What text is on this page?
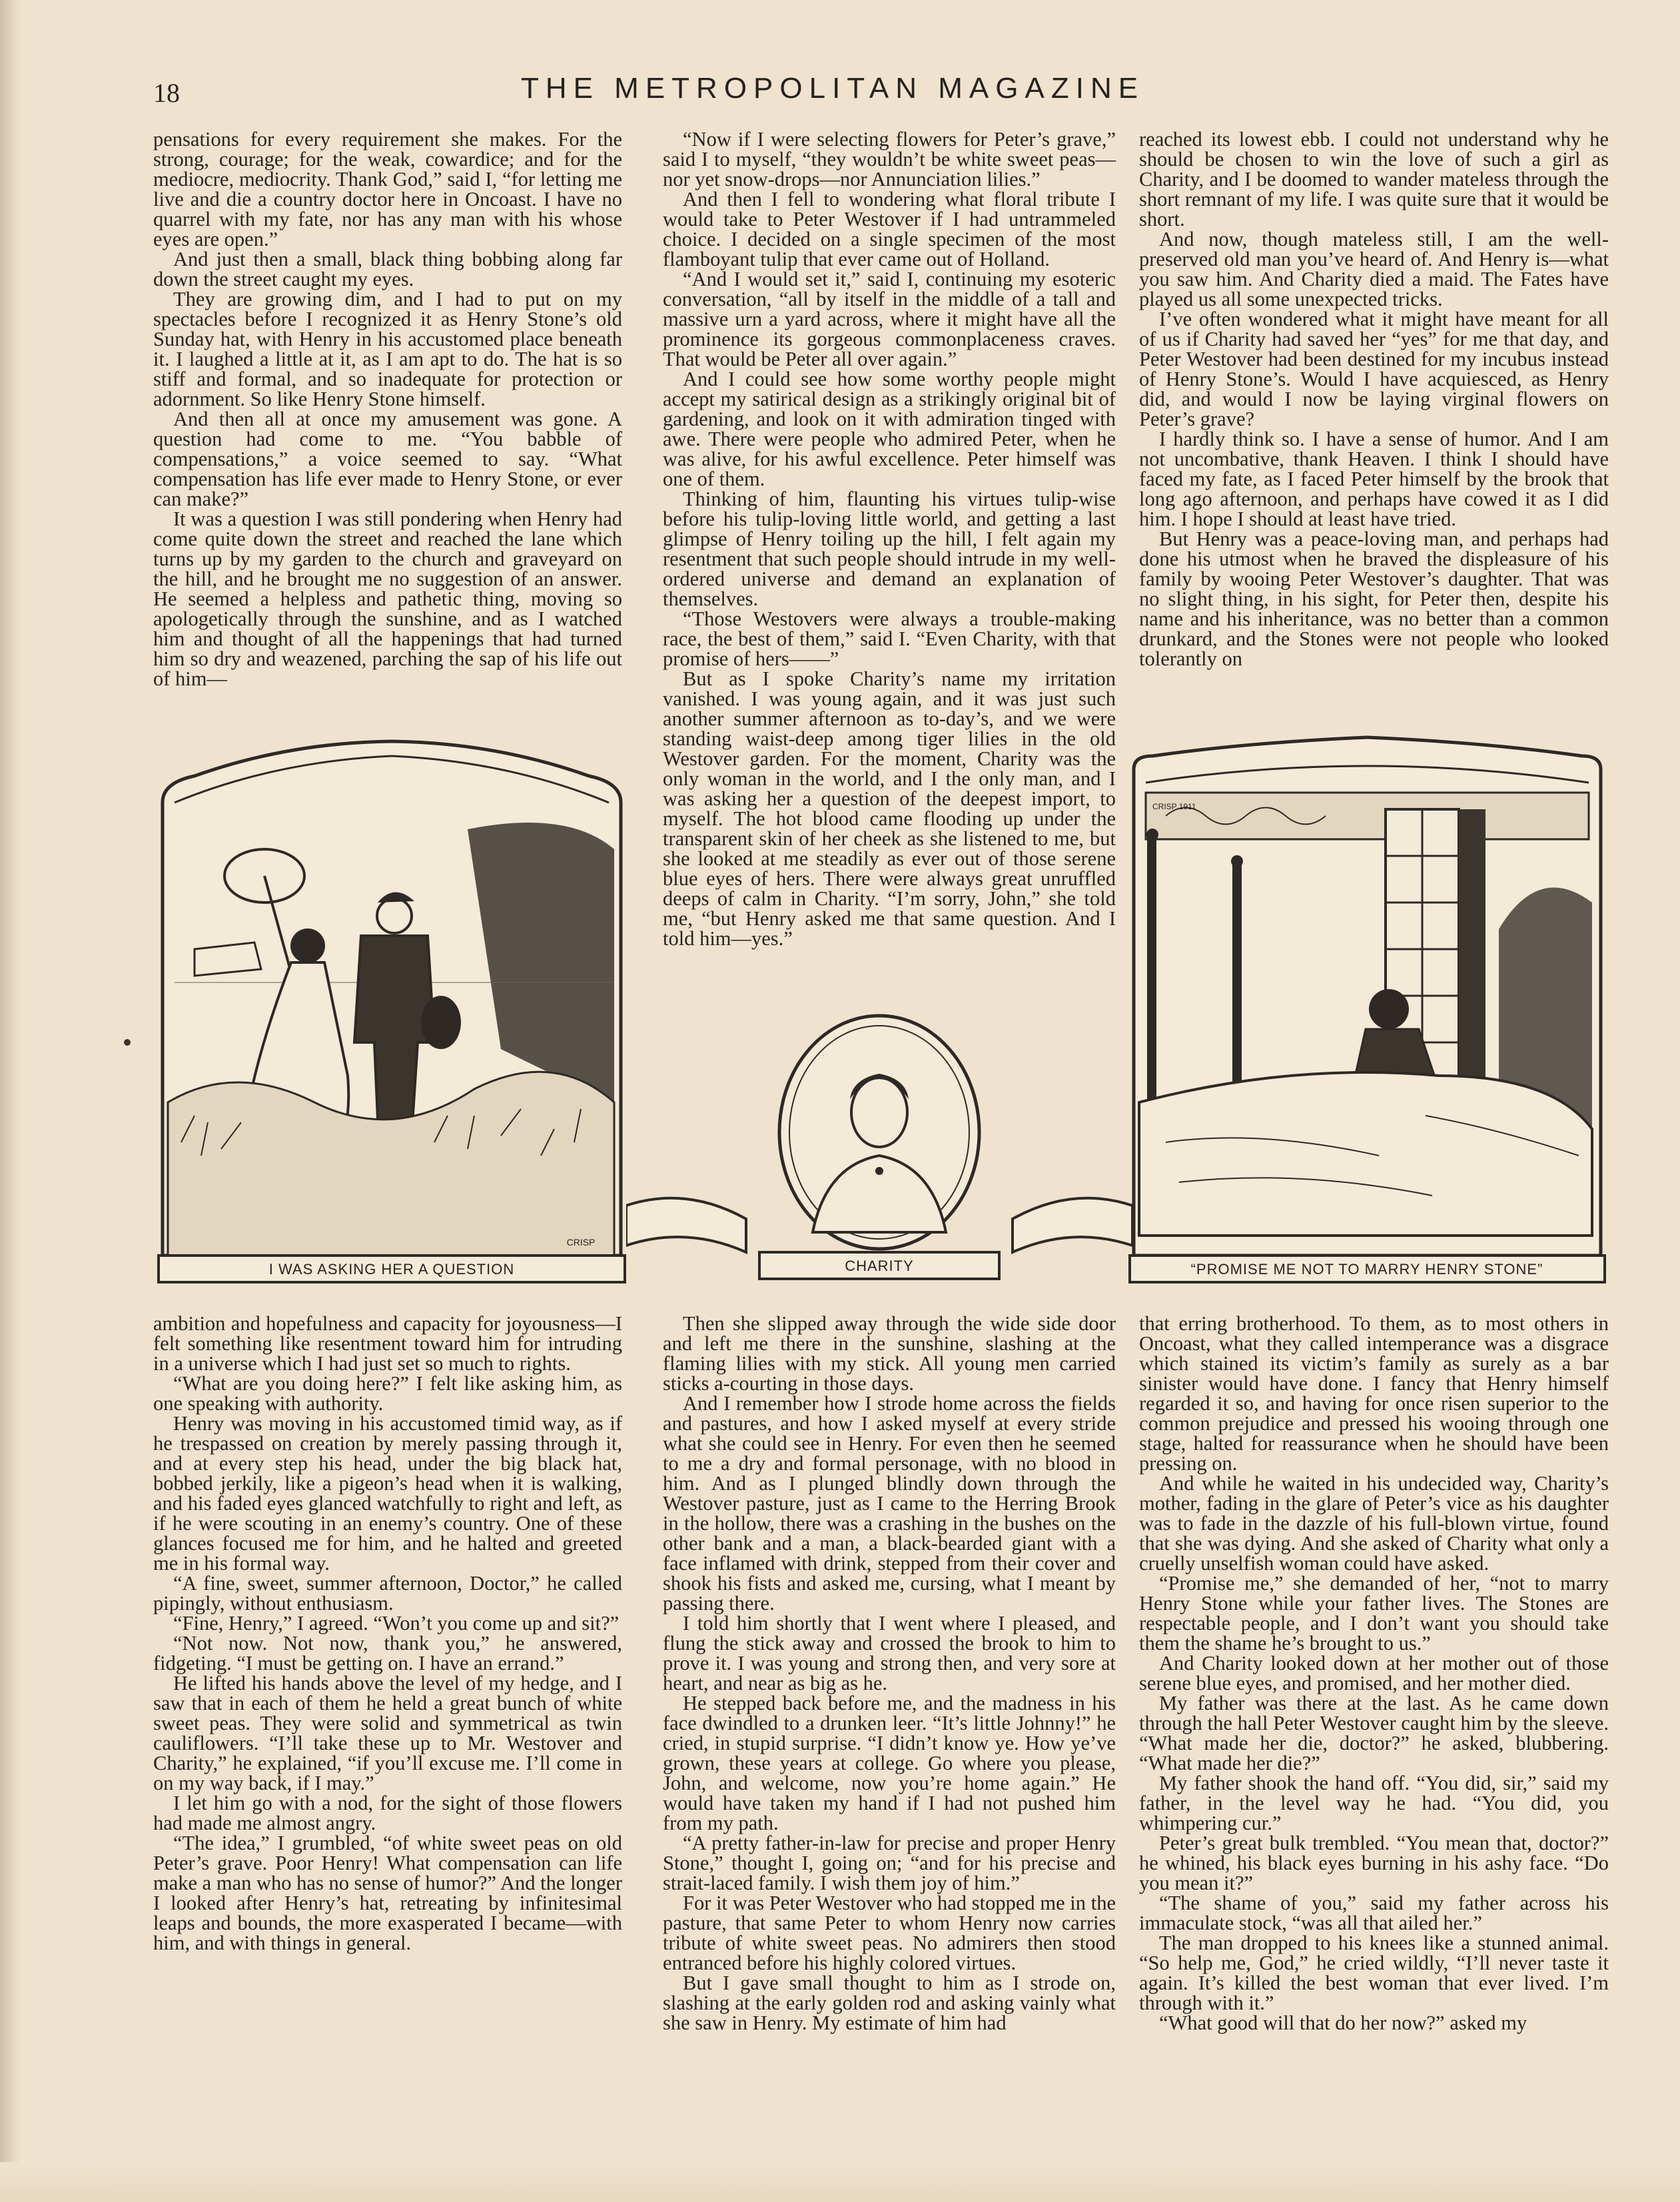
18	THE METROPOLITAN MAGAZINE

pensations for every requirement she makes. For the strong, courage; for the weak, cowardice; and for the mediocre, mediocrity. Thank God,” said I, “for letting me live and die a country doctor here in Oncoast. I have no quarrel with my fate, nor has any man with his whose eyes are open.”

And just then a small, black thing bobbing along far down the street caught my eyes.

They are growing dim, and I had to put on my spectacles before I recognized it as Henry Stone’s old Sunday hat, with Henry in his accustomed place beneath it. I laughed a little at it, as I am apt to do. The hat is so stiff and formal, and so inadequate for protection or adornment. So like Henry Stone himself.

And then all at once my amusement was gone. A question had come to me. “You babble of compensations,” a voice seemed to say. “What compensation has life ever made to Henry Stone, or ever can make?”

It was a question I was still pondering when Henry had come quite down the street and reached the lane which turns up by my garden to the church and graveyard on the hill, and he brought me no suggestion of an answer. He seemed a helpless and pathetic thing, moving so apologetically through the sunshine, and as I watched him and thought of all the happenings that had turned him so dry and weazened, parching the sap of his life out of him—

“Now if I were selecting flowers for Peter’s grave,” said I to myself, “they wouldn’t be white sweet peas—nor yet snow-drops—nor Annunciation lilies.”

And then I fell to wondering what floral tribute I would take to Peter Westover if I had untrammeled choice. I decided on a single specimen of the most flamboyant tulip that ever came out of Holland.

“And I would set it,” said I, continuing my esoteric conversation, “all by itself in the middle of a tall and massive urn a yard across, where it might have all the prominence its gorgeous commonplaceness craves. That would be Peter all over again.”

And I could see how some worthy people might accept my satirical design as a strikingly original bit of gardening, and look on it with admiration tinged with awe. There were people who admired Peter, when he was alive, for his awful excellence. Peter himself was one of them.

Thinking of him, flaunting his virtues tulip-wise before his tulip-loving little world, and getting a last glimpse of Henry toiling up the hill, I felt again my resentment that such people should intrude in my well-ordered universe and demand an explanation of themselves.

“Those Westovers were always a trouble-making race, the best of them,” said I. “Even Charity, with that promise of hers——”

But as I spoke Charity’s name my irritation vanished. I was young again, and it was just such another summer afternoon as to-day’s, and we were standing waist-deep among tiger lilies in the old Westover garden. For the moment, Charity was the only woman in the world, and I the only man, and I was asking her a question of the deepest import, to myself. The hot blood came flooding up under the transparent skin of her cheek as she listened to me, but she looked at me steadily as ever out of those serene blue eyes of hers. There were always great unruffled deeps of calm in Charity. “I’m sorry, John,” she told me, “but Henry asked me that same question. And I told him—yes.”

reached its lowest ebb. I could not understand why he should be chosen to win the love of such a girl as Charity, and I be doomed to wander mateless through the short remnant of my life. I was quite sure that it would be short.

And now, though mateless still, I am the well-preserved old man you’ve heard of. And Henry is—what you saw him. And Charity died a maid. The Fates have played us all some unexpected tricks.

I’ve often wondered what it might have meant for all of us if Charity had saved her “yes” for me that day, and Peter Westover had been destined for my incubus instead of Henry Stone’s. Would I have acquiesced, as Henry did, and would I now be laying virginal flowers on Peter’s grave?

I hardly think so. I have a sense of humor. And I am not uncombative, thank Heaven. I think I should have faced my fate, as I faced Peter himself by the brook that long ago afternoon, and perhaps have cowed it as I did him. I hope I should at least have tried.

But Henry was a peace-loving man, and perhaps had done his utmost when he braved the displeasure of his family by wooing Peter Westover’s daughter. That was no slight thing, in his sight, for Peter then, despite his name and his inheritance, was no better than a common drunkard, and the Stones were not people who looked tolerantly on

I WAS ASKING HER A QUESTION
CRISP
CHARITY	“PROMISE ME NOT TO MARRY HENRY STONE”
CRISP 1911

ambition and hopefulness and capacity for joyousness—I felt something like resentment toward him for intruding in a universe which I had just set so much to rights.

“What are you doing here?” I felt like asking him, as one speaking with authority.

Henry was moving in his accustomed timid way, as if he trespassed on creation by merely passing through it, and at every step his head, under the big black hat, bobbed jerkily, like a pigeon’s head when it is walking, and his faded eyes glanced watchfully to right and left, as if he were scouting in an enemy’s country. One of these glances focused me for him, and he halted and greeted me in his formal way.

“A fine, sweet, summer afternoon, Doctor,” he called pipingly, without enthusiasm.

“Fine, Henry,” I agreed. “Won’t you come up and sit?”

“Not now. Not now, thank you,” he answered, fidgeting. “I must be getting on. I have an errand.”

He lifted his hands above the level of my hedge, and I saw that in each of them he held a great bunch of white sweet peas. They were solid and symmetrical as twin cauliflowers. “I’ll take these up to Mr. Westover and Charity,” he explained, “if you’ll excuse me. I’ll come in on my way back, if I may.”

I let him go with a nod, for the sight of those flowers had made me almost angry.

“The idea,” I grumbled, “of white sweet peas on old Peter’s grave. Poor Henry! What compensation can life make a man who has no sense of humor?” And the longer I looked after Henry’s hat, retreating by infinitesimal leaps and bounds, the more exasperated I became—with him, and with things in general.

Then she slipped away through the wide side door and left me there in the sunshine, slashing at the flaming lilies with my stick. All young men carried sticks a-courting in those days.

And I remember how I strode home across the fields and pastures, and how I asked myself at every stride what she could see in Henry. For even then he seemed to me a dry and formal personage, with no blood in him. And as I plunged blindly down through the Westover pasture, just as I came to the Herring Brook in the hollow, there was a crashing in the bushes on the other bank and a man, a black-bearded giant with a face inflamed with drink, stepped from their cover and shook his fists and asked me, cursing, what I meant by passing there.

I told him shortly that I went where I pleased, and flung the stick away and crossed the brook to him to prove it. I was young and strong then, and very sore at heart, and near as big as he.

He stepped back before me, and the madness in his face dwindled to a drunken leer. “It’s little Johnny!” he cried, in stupid surprise. “I didn’t know ye. How ye’ve grown, these years at college. Go where you please, John, and welcome, now you’re home again.” He would have taken my hand if I had not pushed him from my path.

“A pretty father-in-law for precise and proper Henry Stone,” thought I, going on; “and for his precise and strait-laced family. I wish them joy of him.”

For it was Peter Westover who had stopped me in the pasture, that same Peter to whom Henry now carries tribute of white sweet peas. No admirers then stood entranced before his highly colored virtues.

But I gave small thought to him as I strode on, slashing at the early golden rod and asking vainly what she saw in Henry. My estimate of him had

that erring brotherhood. To them, as to most others in Oncoast, what they called intemperance was a disgrace which stained its victim’s family as surely as a bar sinister would have done. I fancy that Henry himself regarded it so, and having for once risen superior to the common prejudice and pressed his wooing through one stage, halted for reassurance when he should have been pressing on.

And while he waited in his undecided way, Charity’s mother, fading in the glare of Peter’s vice as his daughter was to fade in the dazzle of his full-blown virtue, found that she was dying. And she asked of Charity what only a cruelly unselfish woman could have asked.

“Promise me,” she demanded of her, “not to marry Henry Stone while your father lives. The Stones are respectable people, and I don’t want you should take them the shame he’s brought to us.”

And Charity looked down at her mother out of those serene blue eyes, and promised, and her mother died.

My father was there at the last. As he came down through the hall Peter Westover caught him by the sleeve. “What made her die, doctor?” he asked, blubbering. “What made her die?”

My father shook the hand off. “You did, sir,” said my father, in the level way he had. “You did, you whimpering cur.”

Peter’s great bulk trembled. “You mean that, doctor?” he whined, his black eyes burning in his ashy face. “Do you mean it?”

“The shame of you,” said my father across his immaculate stock, “was all that ailed her.”

The man dropped to his knees like a stunned animal. “So help me, God,” he cried wildly, “I’ll never taste it again. It’s killed the best woman that ever lived. I’m through with it.”

“What good will that do her now?” asked my
